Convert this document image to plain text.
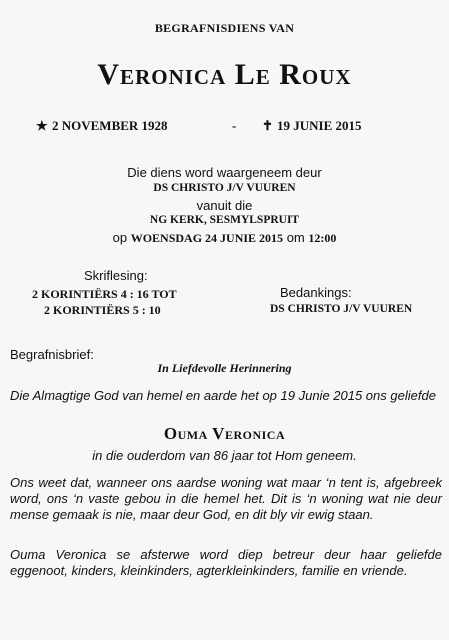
BEGRAFNISDIENS VAN
Veronica Le Roux
★ 2 NOVEMBER 1928	- ✝ 19 JUNIE 2015
Die diens word waargeneem deur
DS CHRISTO J/V VUUREN
vanuit die
NG KERK, SESMYLSPRUIT
op WOENSDAG 24 JUNIE 2015 om 12:00
Skriflesing:
2 KORINTIËRS 4 : 16 TOT
2 KORINTIËRS 5 : 10
Bedankings:
DS CHRISTO J/V VUUREN
Begrafnisbrief:
In Liefdevolle Herinnering
Die Almagtige God van hemel en aarde het op 19 Junie 2015 ons geliefde
Ouma Veronica
in die ouderdom van 86 jaar tot Hom geneem.
Ons weet dat, wanneer ons aardse woning wat maar ‘n tent is, afgebreek word, ons ‘n vaste gebou in die hemel het. Dit is ‘n woning wat nie deur mense gemaak is nie, maar deur God, en dit bly vir ewig staan.
Ouma Veronica se afsterwe word diep betreur deur haar geliefde eggenoot, kinders, kleinkinders, agterkleinkinders, familie en vriende.
